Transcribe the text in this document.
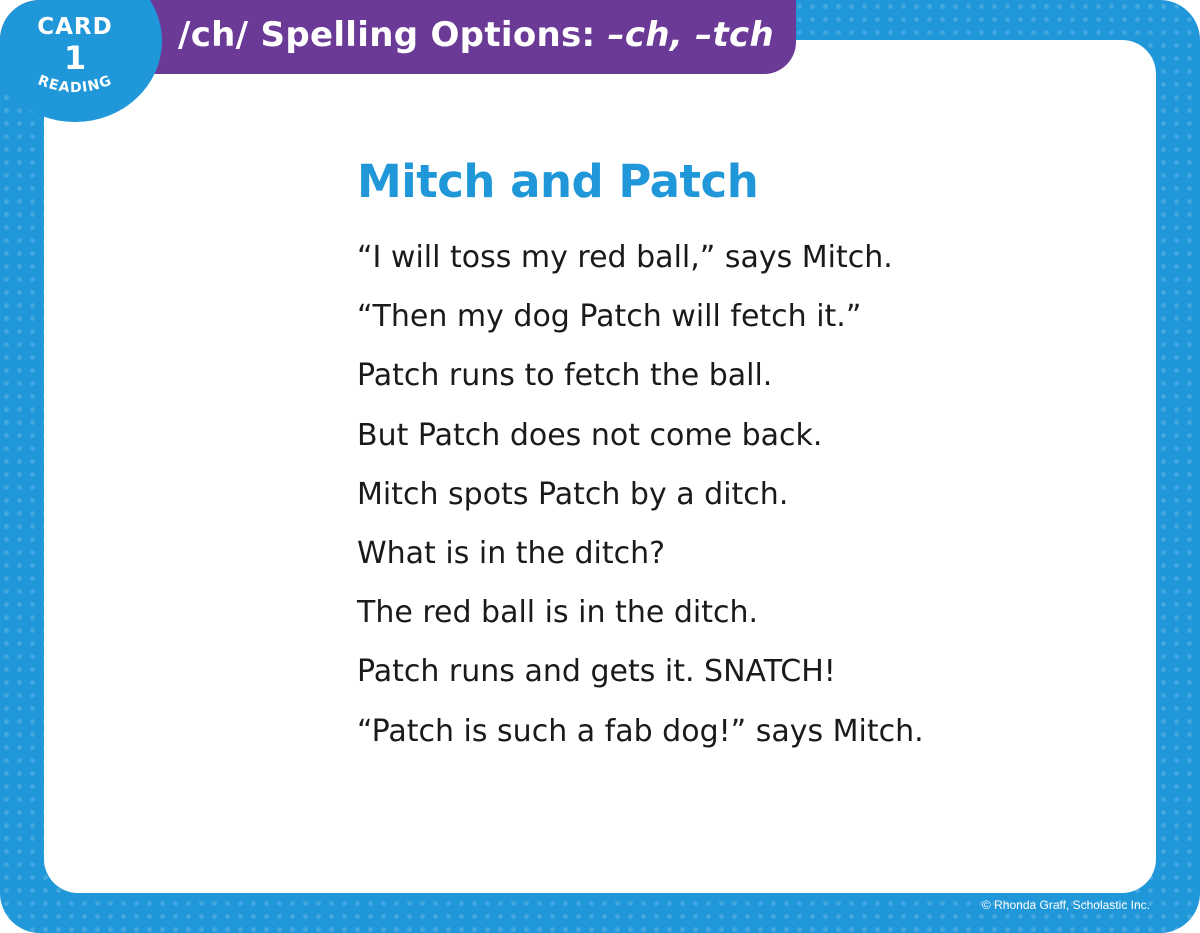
Mitch and Patch
“I will toss my red ball,” says Mitch.
“Then my dog Patch will fetch it.”
Patch runs to fetch the ball.
But Patch does not come back.
Mitch spots Patch by a ditch.
What is in the ditch?
The red ball is in the ditch.
Patch runs and gets it. SNATCH!
“Patch is such a fab dog!” says Mitch.
/ch/ Spelling Options: –ch, –tch
CARD
1
READING
© Rhonda Graff, Scholastic Inc.
